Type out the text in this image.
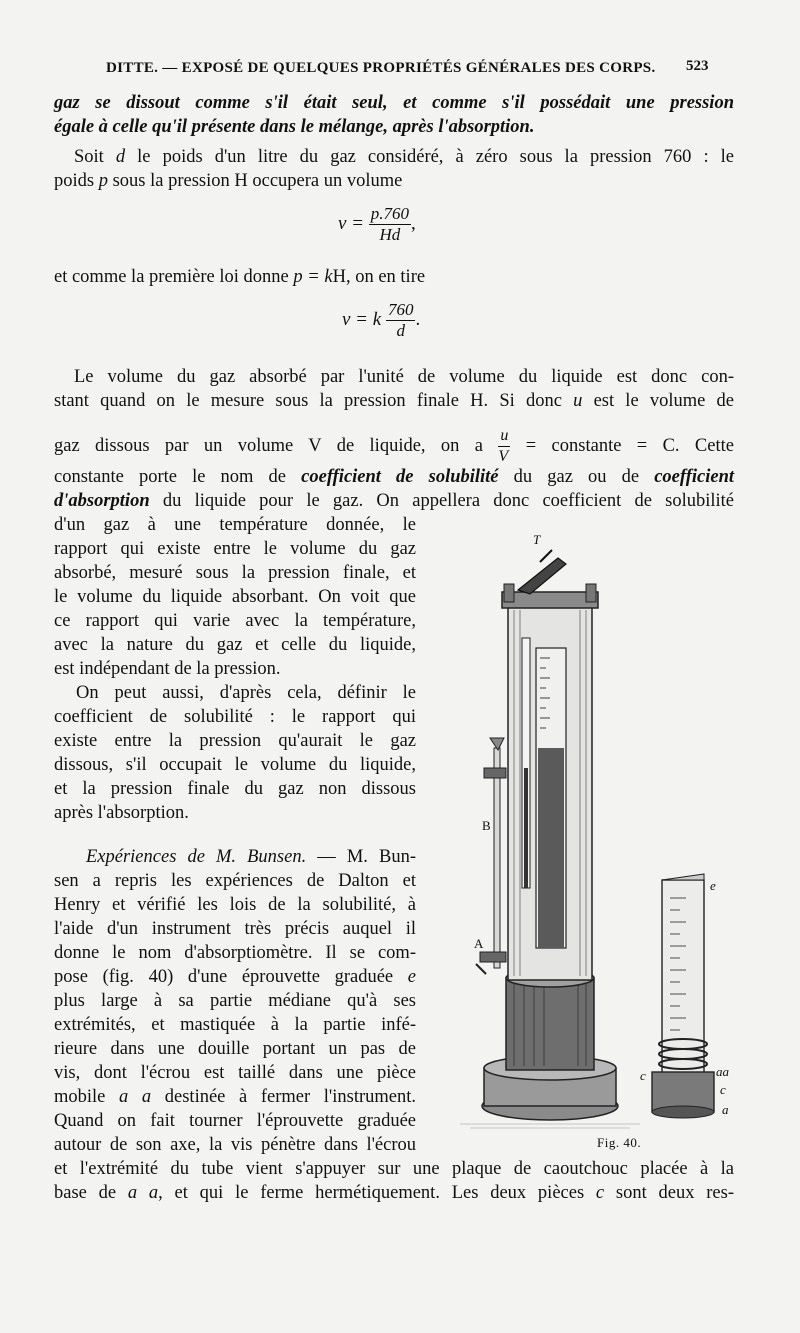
DITTE. — EXPOSÉ DE QUELQUES PROPRIÉTÉS GÉNÉRALES DES CORPS.	523
gaz se dissout comme s'il était seul, et comme s'il possédait une pression
égale à celle qu'il présente dans le mélange, après l'absorption.
Soit d le poids d'un litre du gaz considéré, à zéro sous la pression 760 : le
poids p sous la pression H occupera un volume
$v = \frac{p.760}{Hd}$ ,
et comme la première loi donne p = kH, on en tire
v = k $\frac{760}{d}$ .
Le volume du gaz absorbé par l'unité de volume du liquide est donc con-
stant quand on le mesure sous la pression finale H. Si donc u est le volume de
gaz dissous par un volume V de liquide, on a $\frac{u}{V}$ = constante = C. Cette
constante porte le nom de coefficient de solubilité du gaz ou de coefficient
d'absorption du liquide pour le gaz. On appellera donc coefficient de solubilité
d'un gaz à une température donnée, le
rapport qui existe entre le volume du gaz
absorbé, mesuré sous la pression finale, et
le volume du liquide absorbant. On voit que
ce rapport qui varie avec la température,
avec la nature du gaz et celle du liquide,
est indépendant de la pression.
On peut aussi, d'après cela, définir le
coefficient de solubilité : le rapport qui
existe entre la pression qu'aurait le gaz
dissous, s'il occupait le volume du liquide,
et la pression finale du gaz non dissous
après l'absorption.
Expériences de M. Bunsen. — M. Bun-
sen a repris les expériences de Dalton et
Henry et vérifié les lois de la solubilité, à
l'aide d'un instrument très précis auquel il
donne le nom d'absorptiomètre. Il se com-
pose (fig. 40) d'une éprouvette graduée e
plus large à sa partie médiane qu'à ses
extrémités, et mastiquée à la partie infé-
rieure dans une douille portant un pas de
vis, dont l'écrou est taillé dans une pièce
mobile a a destinée à fermer l'instrument.
Quand on fait tourner l'éprouvette graduée
autour de son axe, la vis pénètre dans l'écrou
et l'extrémité du tube vient s'appuyer sur une plaque de caoutchouc placée à la
base de a a, et qui le ferme hermétiquement. Les deux pièces c sont deux res-
T
B
A
e
aa
c
c
a
Fig. 40.
